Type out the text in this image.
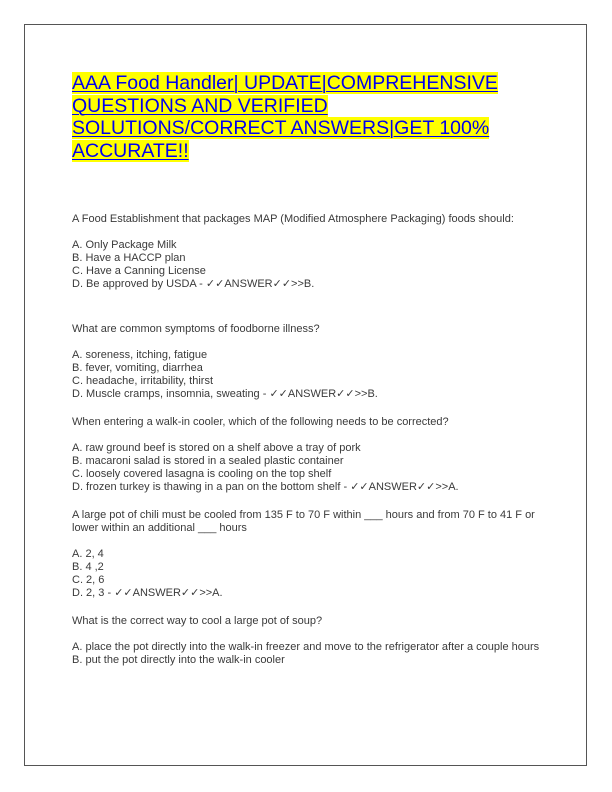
AAA Food Handler| UPDATE|COMPREHENSIVE
QUESTIONS AND VERIFIED
SOLUTIONS/CORRECT ANSWERS|GET 100%
ACCURATE!!

A Food Establishment that packages MAP (Modified Atmosphere Packaging) foods should:

A. Only Package Milk
B. Have a HACCP plan
C. Have a Canning License
D. Be approved by USDA - ✓✓ANSWER✓✓>>B.

What are common symptoms of foodborne illness?

A. soreness, itching, fatigue
B. fever, vomiting, diarrhea
C. headache, irritability, thirst
D. Muscle cramps, insomnia, sweating - ✓✓ANSWER✓✓>>B.

When entering a walk-in cooler, which of the following needs to be corrected?

A. raw ground beef is stored on a shelf above a tray of pork
B. macaroni salad is stored in a sealed plastic container
C. loosely covered lasagna is cooling on the top shelf
D. frozen turkey is thawing in a pan on the bottom shelf - ✓✓ANSWER✓✓>>A.

A large pot of chili must be cooled from 135 F to 70 F within ___ hours and from 70 F to 41 F or lower within an additional ___ hours

A. 2, 4
B. 4 ,2
C. 2, 6
D. 2, 3 - ✓✓ANSWER✓✓>>A.

What is the correct way to cool a large pot of soup?

A. place the pot directly into the walk-in freezer and move to the refrigerator after a couple hours
B. put the pot directly into the walk-in cooler
